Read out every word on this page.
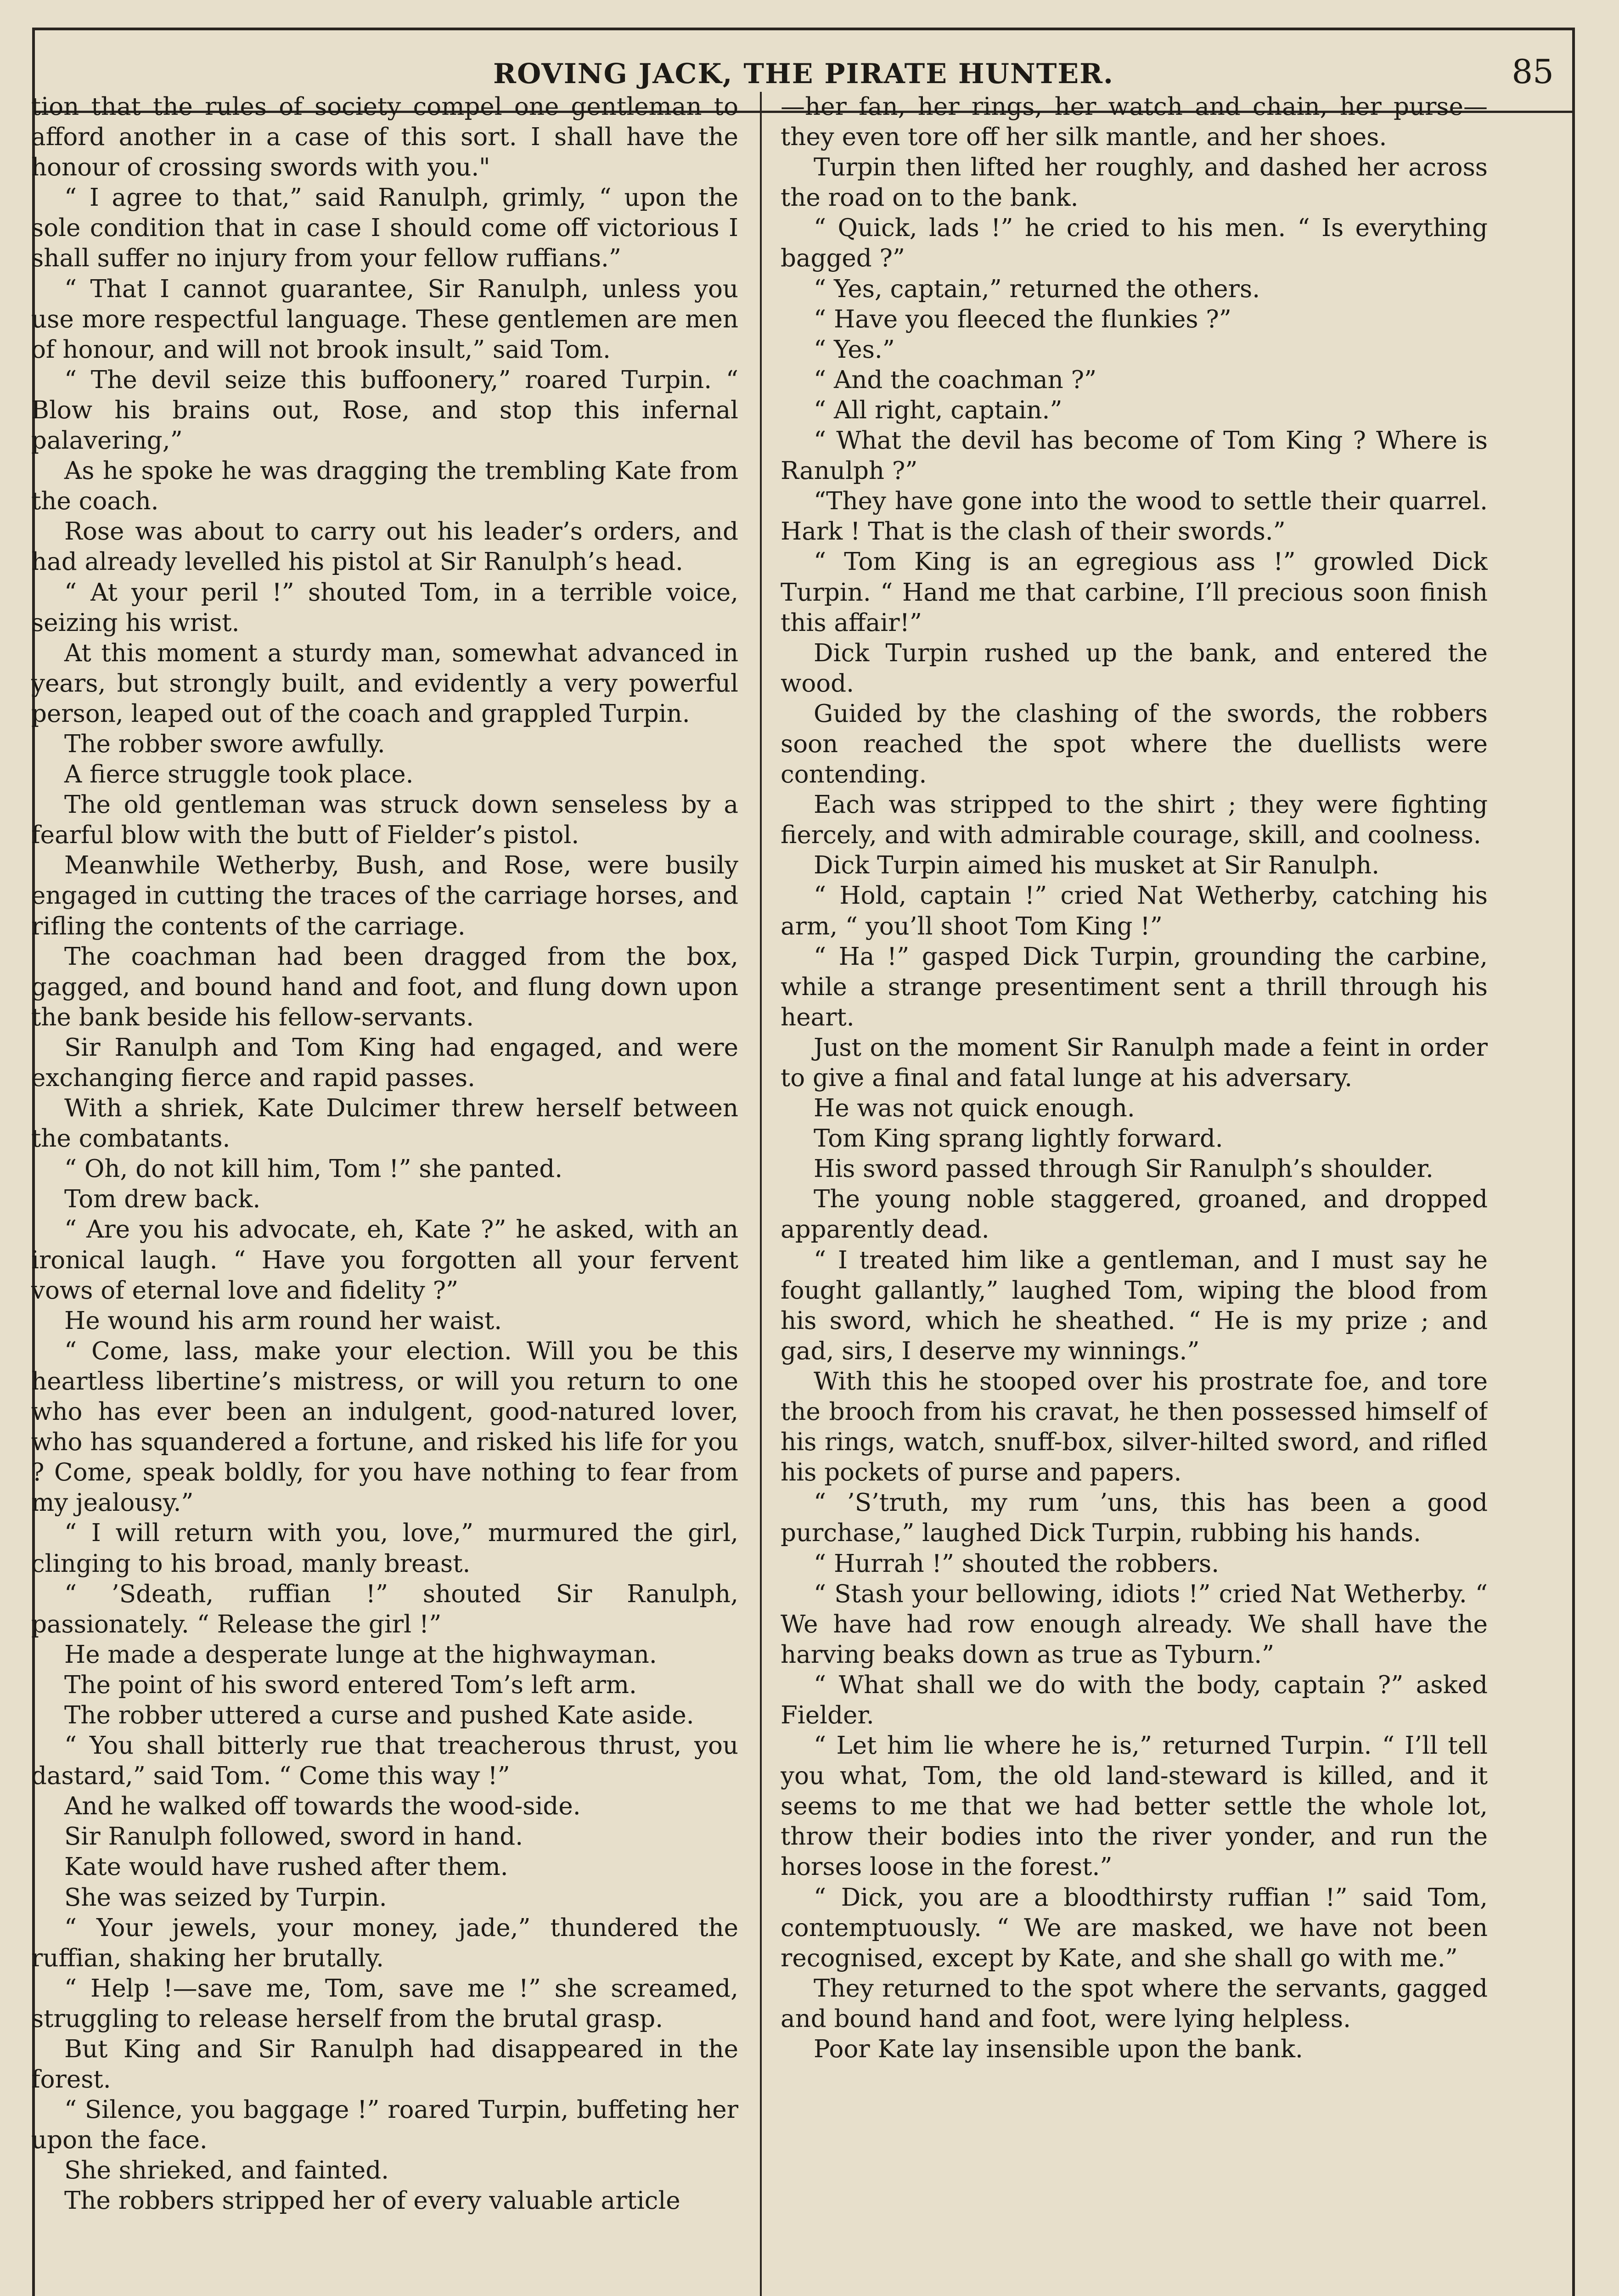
ROVING JACK, THE PIRATE HUNTER.	85

tion that the rules of society compel one gentleman to afford another in a case of this sort. I shall have the honour of crossing swords with you."

“ I agree to that,” said Ranulph, grimly, “ upon the sole condition that in case I should come off victorious I shall suffer no injury from your fellow ruffians.”

“ That I cannot guarantee, Sir Ranulph, unless you use more respectful language. These gentlemen are men of honour, and will not brook insult,” said Tom.

“ The devil seize this buffoonery,” roared Turpin. “ Blow his brains out, Rose, and stop this infernal palavering,”

As he spoke he was dragging the trembling Kate from the coach.

Rose was about to carry out his leader’s orders, and had already levelled his pistol at Sir Ranulph’s head.

“ At your peril !” shouted Tom, in a terrible voice, seizing his wrist.

At this moment a sturdy man, somewhat advanced in years, but strongly built, and evidently a very powerful person, leaped out of the coach and grappled Turpin.

The robber swore awfully.

A fierce struggle took place.

The old gentleman was struck down senseless by a fearful blow with the butt of Fielder’s pistol.

Meanwhile Wetherby, Bush, and Rose, were busily engaged in cutting the traces of the carriage horses, and rifling the contents of the carriage.

The coachman had been dragged from the box, gagged, and bound hand and foot, and flung down upon the bank beside his fellow-servants.

Sir Ranulph and Tom King had engaged, and were exchanging fierce and rapid passes.

With a shriek, Kate Dulcimer threw herself between the combatants.

“ Oh, do not kill him, Tom !” she panted.

Tom drew back.

“ Are you his advocate, eh, Kate ?” he asked, with an ironical laugh. “ Have you forgotten all your fervent vows of eternal love and fidelity ?”

He wound his arm round her waist.

“ Come, lass, make your election. Will you be this heartless libertine’s mistress, or will you return to one who has ever been an indulgent, good-natured lover, who has squandered a fortune, and risked his life for you ? Come, speak boldly, for you have nothing to fear from my jealousy.”

“ I will return with you, love,” murmured the girl, clinging to his broad, manly breast.

“ ’Sdeath, ruffian !” shouted Sir Ranulph, passionately. “ Release the girl !”

He made a desperate lunge at the highwayman.

The point of his sword entered Tom’s left arm.

The robber uttered a curse and pushed Kate aside.

“ You shall bitterly rue that treacherous thrust, you dastard,” said Tom. “ Come this way !”

And he walked off towards the wood-side.

Sir Ranulph followed, sword in hand.

Kate would have rushed after them.

She was seized by Turpin.

“ Your jewels, your money, jade,” thundered the ruffian, shaking her brutally.

“ Help !—save me, Tom, save me !” she screamed, struggling to release herself from the brutal grasp.

But King and Sir Ranulph had disappeared in the forest.

“ Silence, you baggage !” roared Turpin, buffeting her upon the face.

She shrieked, and fainted.

The robbers stripped her of every valuable article

—her fan, her rings, her watch and chain, her purse—they even tore off her silk mantle, and her shoes.

Turpin then lifted her roughly, and dashed her across the road on to the bank.

“ Quick, lads !” he cried to his men. “ Is everything bagged ?”

“ Yes, captain,” returned the others.

“ Have you fleeced the flunkies ?”

“ Yes.”

“ And the coachman ?”

“ All right, captain.”

“ What the devil has become of Tom King ? Where is Ranulph ?”

“They have gone into the wood to settle their quarrel. Hark ! That is the clash of their swords.”

“ Tom King is an egregious ass !” growled Dick Turpin. “ Hand me that carbine, I’ll precious soon finish this affair!”

Dick Turpin rushed up the bank, and entered the wood.

Guided by the clashing of the swords, the robbers soon reached the spot where the duellists were contending.

Each was stripped to the shirt ; they were fighting fiercely, and with admirable courage, skill, and coolness.

Dick Turpin aimed his musket at Sir Ranulph.

“ Hold, captain !” cried Nat Wetherby, catching his arm, “ you’ll shoot Tom King !”

“ Ha !” gasped Dick Turpin, grounding the carbine, while a strange presentiment sent a thrill through his heart.

Just on the moment Sir Ranulph made a feint in order to give a final and fatal lunge at his adversary.

He was not quick enough.

Tom King sprang lightly forward.

His sword passed through Sir Ranulph’s shoulder.

The young noble staggered, groaned, and dropped apparently dead.

“ I treated him like a gentleman, and I must say he fought gallantly,” laughed Tom, wiping the blood from his sword, which he sheathed. “ He is my prize ; and gad, sirs, I deserve my winnings.”

With this he stooped over his prostrate foe, and tore the brooch from his cravat, he then possessed himself of his rings, watch, snuff-box, silver-hilted sword, and rifled his pockets of purse and papers.

“ ’S’truth, my rum ’uns, this has been a good purchase,” laughed Dick Turpin, rubbing his hands.

“ Hurrah !” shouted the robbers.

“ Stash your bellowing, idiots !” cried Nat Wetherby. “ We have had row enough already. We shall have the harving beaks down as true as Tyburn.”

“ What shall we do with the body, captain ?” asked Fielder.

“ Let him lie where he is,” returned Turpin. “ I’ll tell you what, Tom, the old land-steward is killed, and it seems to me that we had better settle the whole lot, throw their bodies into the river yonder, and run the horses loose in the forest.”

“ Dick, you are a bloodthirsty ruffian !” said Tom, contemptuously. “ We are masked, we have not been recognised, except by Kate, and she shall go with me.”

They returned to the spot where the servants, gagged and bound hand and foot, were lying helpless.

Poor Kate lay insensible upon the bank.
